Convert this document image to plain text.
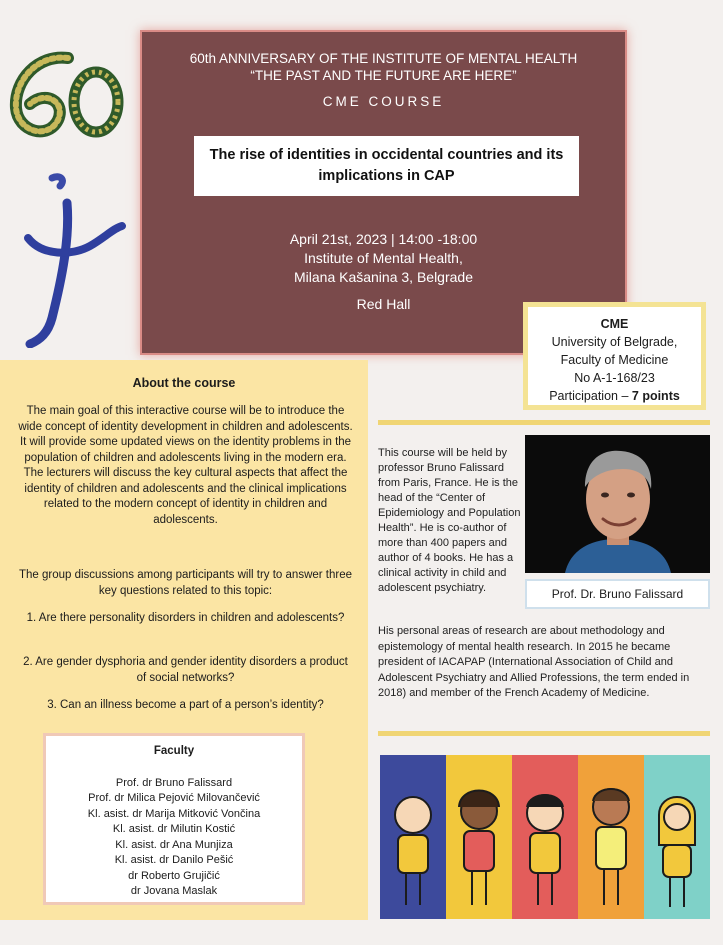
60th ANNIVERSARY OF THE INSTITUTE OF MENTAL HEALTH
“THE PAST AND THE FUTURE ARE HERE”
CME COURSE
The rise of identities in occidental countries and its implications in CAP
April 21st, 2023 | 14:00 -18:00
Institute of Mental Health,
Milana Kašanina 3, Belgrade
Red Hall
CME
University of Belgrade,
Faculty of Medicine
No A-1-168/23
Participation – 7 points
About the course
The main goal of this interactive course will be to introduce the wide concept of identity development in children and adolescents. It will provide some updated views on the identity problems in the population of children and adolescents living in the modern era. The lecturers will discuss the key cultural aspects that affect the identity of children and adolescents and the clinical implications related to the modern concept of identity in children and adolescents.
The group discussions among participants will try to answer three key questions related to this topic:
1. Are there personality disorders in children and adolescents?
2. Are gender dysphoria and gender identity disorders a product of social networks?
3. Can an illness become a part of a person’s identity?
Faculty
Prof. dr Bruno Falissard
Prof. dr Milica Pejović Milovančević
Kl. asist. dr Marija Mitković Vončina
Kl. asist. dr Milutin Kostić
Kl. asist. dr Ana Munjiza
Kl. asist. dr Danilo Pešić
dr Roberto Grujičić
dr Jovana Maslak
This course will be held by professor Bruno Falissard from Paris, France. He is the head of the “Center of Epidemiology and Population Health”. He is co-author of more than 400 papers and author of 4 books. He has a clinical activity in child and adolescent psychiatry.	Prof. Dr. Bruno Falissard
His personal areas of research are about methodology and epistemology of mental health research. In 2015 he became president of IACAPAP (International Association of Child and Adolescent Psychiatry and Allied Professions, the term ended in 2018) and member of the French Academy of Medicine.
